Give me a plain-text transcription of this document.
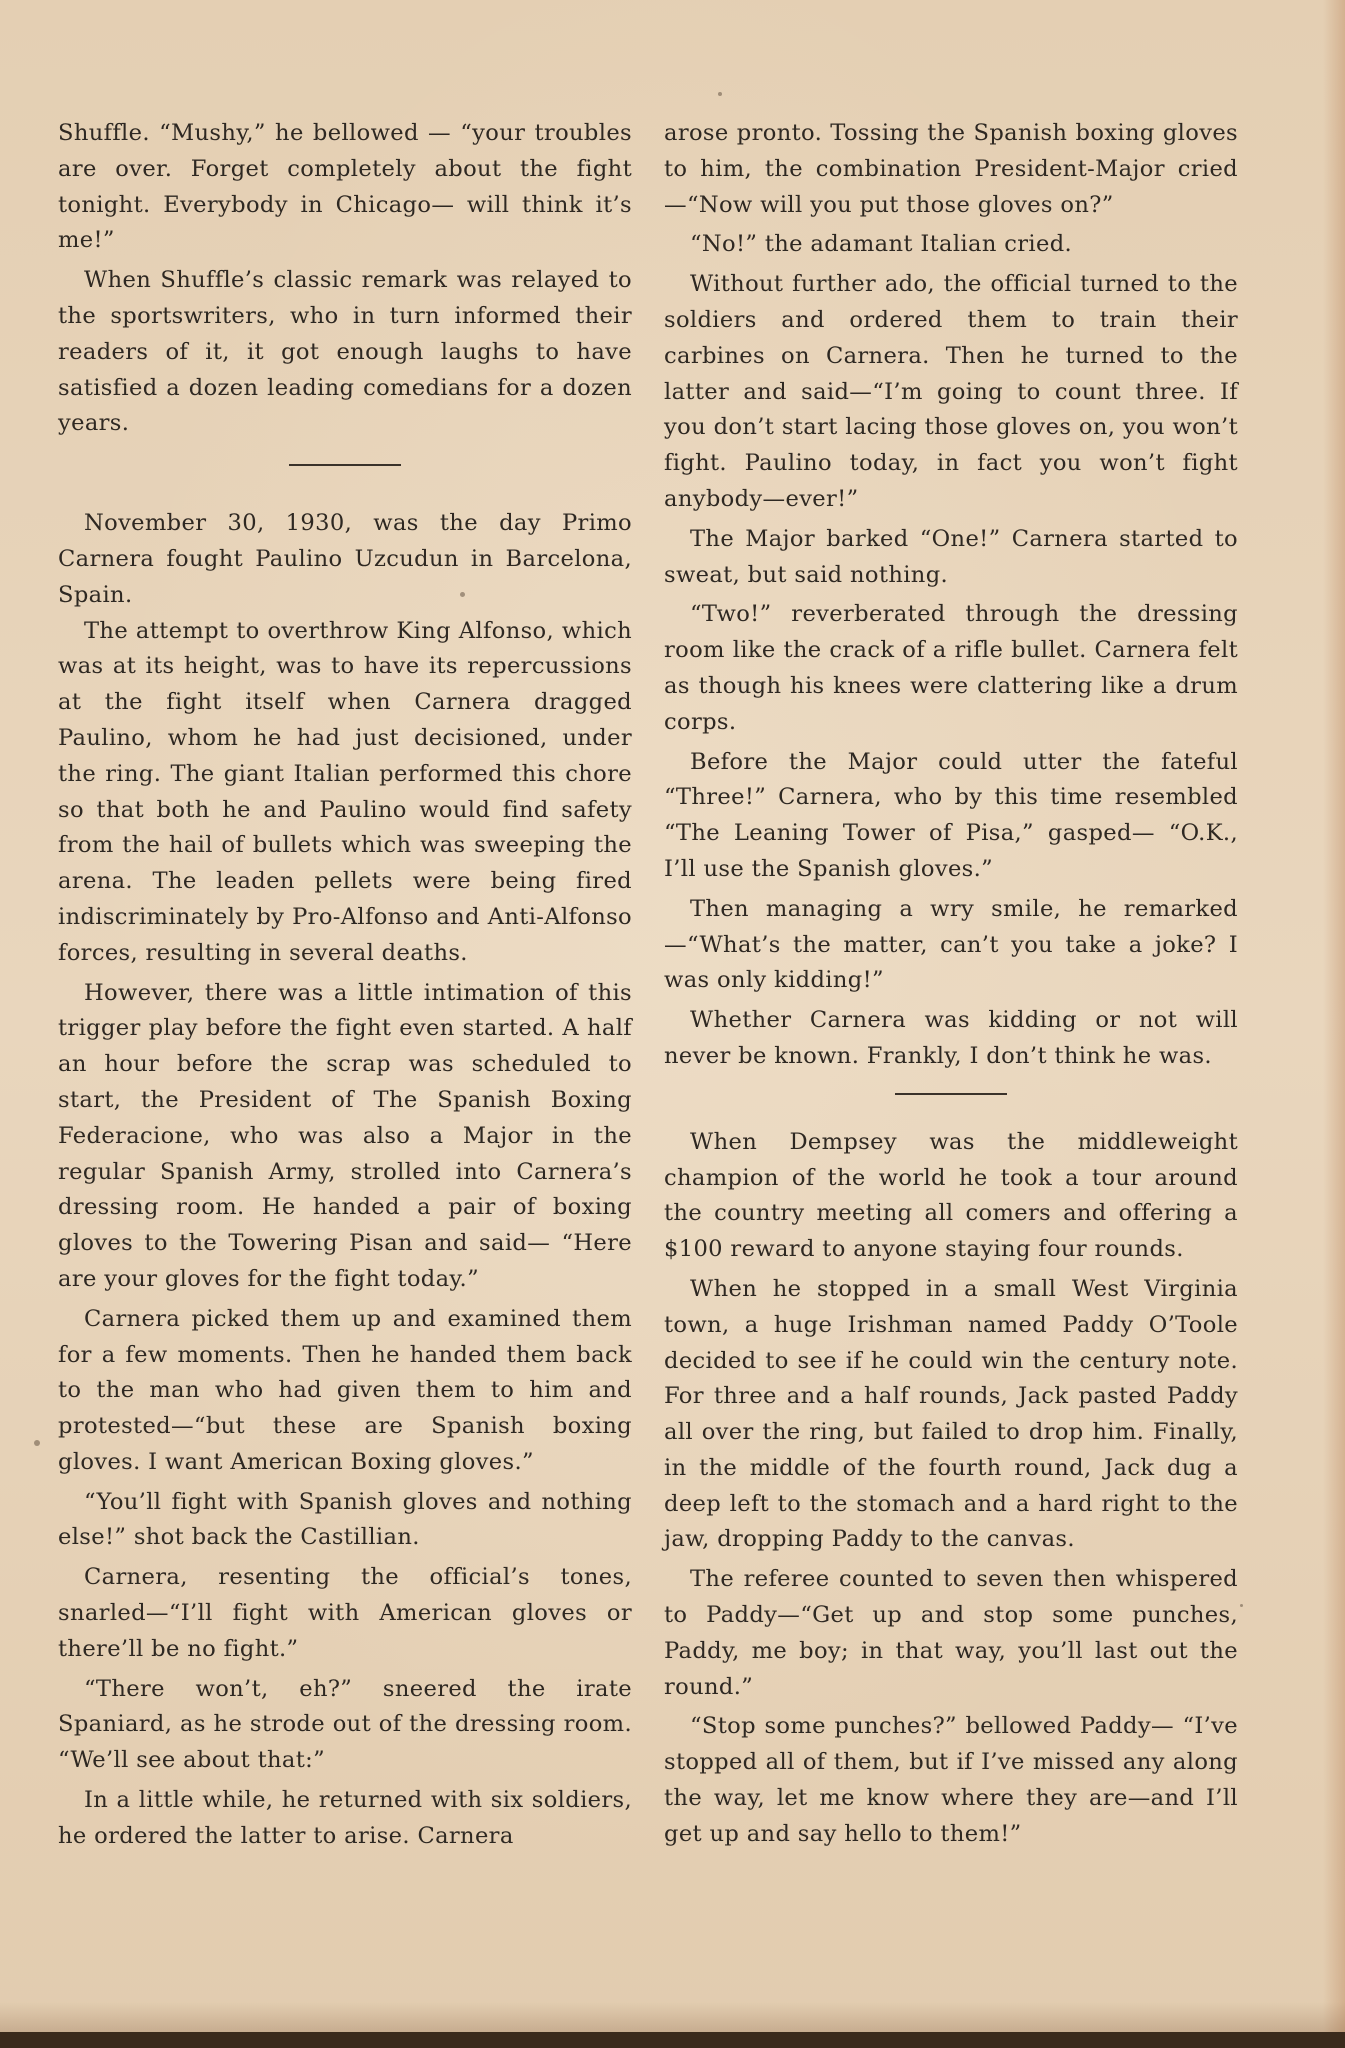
Shuffle. “Mushy,” he bellowed — “your troubles are over. Forget completely about the fight tonight. Everybody in Chicago— will think it’s me!”

When Shuffle’s classic remark was relayed to the sportswriters, who in turn informed their readers of it, it got enough laughs to have satisfied a dozen leading comedians for a dozen years.

November 30, 1930, was the day Primo Carnera fought Paulino Uzcudun in Barcelona, Spain.

The attempt to overthrow King Alfonso, which was at its height, was to have its repercussions at the fight itself when Carnera dragged Paulino, whom he had just decisioned, under the ring. The giant Italian performed this chore so that both he and Paulino would find safety from the hail of bullets which was sweeping the arena. The leaden pellets were being fired indiscriminately by Pro-Alfonso and Anti-Alfonso forces, resulting in several deaths.

However, there was a little intimation of this trigger play before the fight even started. A half an hour before the scrap was scheduled to start, the President of The Spanish Boxing Federacione, who was also a Major in the regular Spanish Army, strolled into Carnera’s dressing room. He handed a pair of boxing gloves to the Towering Pisan and said— “Here are your gloves for the fight today.”

Carnera picked them up and examined them for a few moments. Then he handed them back to the man who had given them to him and protested—“but these are Spanish boxing gloves. I want American Boxing gloves.”

“You’ll fight with Spanish gloves and nothing else!” shot back the Castillian.

Carnera, resenting the official’s tones, snarled—“I’ll fight with American gloves or there’ll be no fight.”

“There won’t, eh?” sneered the irate Spaniard, as he strode out of the dressing room. “We’ll see about that:”

In a little while, he returned with six soldiers, he ordered the latter to arise. Carnera

arose pronto. Tossing the Spanish boxing gloves to him, the combination President-Major cried—“Now will you put those gloves on?”

“No!” the adamant Italian cried.

Without further ado, the official turned to the soldiers and ordered them to train their carbines on Carnera. Then he turned to the latter and said—“I’m going to count three. If you don’t start lacing those gloves on, you won’t fight. Paulino today, in fact you won’t fight anybody—ever!”

The Major barked “One!” Carnera started to sweat, but said nothing.

“Two!” reverberated through the dressing room like the crack of a rifle bullet. Carnera felt as though his knees were clattering like a drum corps.

Before the Major could utter the fateful “Three!” Carnera, who by this time resembled “The Leaning Tower of Pisa,” gasped— “O.K., I’ll use the Spanish gloves.”

Then managing a wry smile, he remarked —“What’s the matter, can’t you take a joke? I was only kidding!”

Whether Carnera was kidding or not will never be known. Frankly, I don’t think he was.

When Dempsey was the middleweight champion of the world he took a tour around the country meeting all comers and offering a $100 reward to anyone staying four rounds.

When he stopped in a small West Virginia town, a huge Irishman named Paddy O’Toole decided to see if he could win the century note. For three and a half rounds, Jack pasted Paddy all over the ring, but failed to drop him. Finally, in the middle of the fourth round, Jack dug a deep left to the stomach and a hard right to the jaw, dropping Paddy to the canvas.

The referee counted to seven then whispered to Paddy—“Get up and stop some punches, Paddy, me boy; in that way, you’ll last out the round.”

“Stop some punches?” bellowed Paddy— “I’ve stopped all of them, but if I’ve missed any along the way, let me know where they are—and I’ll get up and say hello to them!”
